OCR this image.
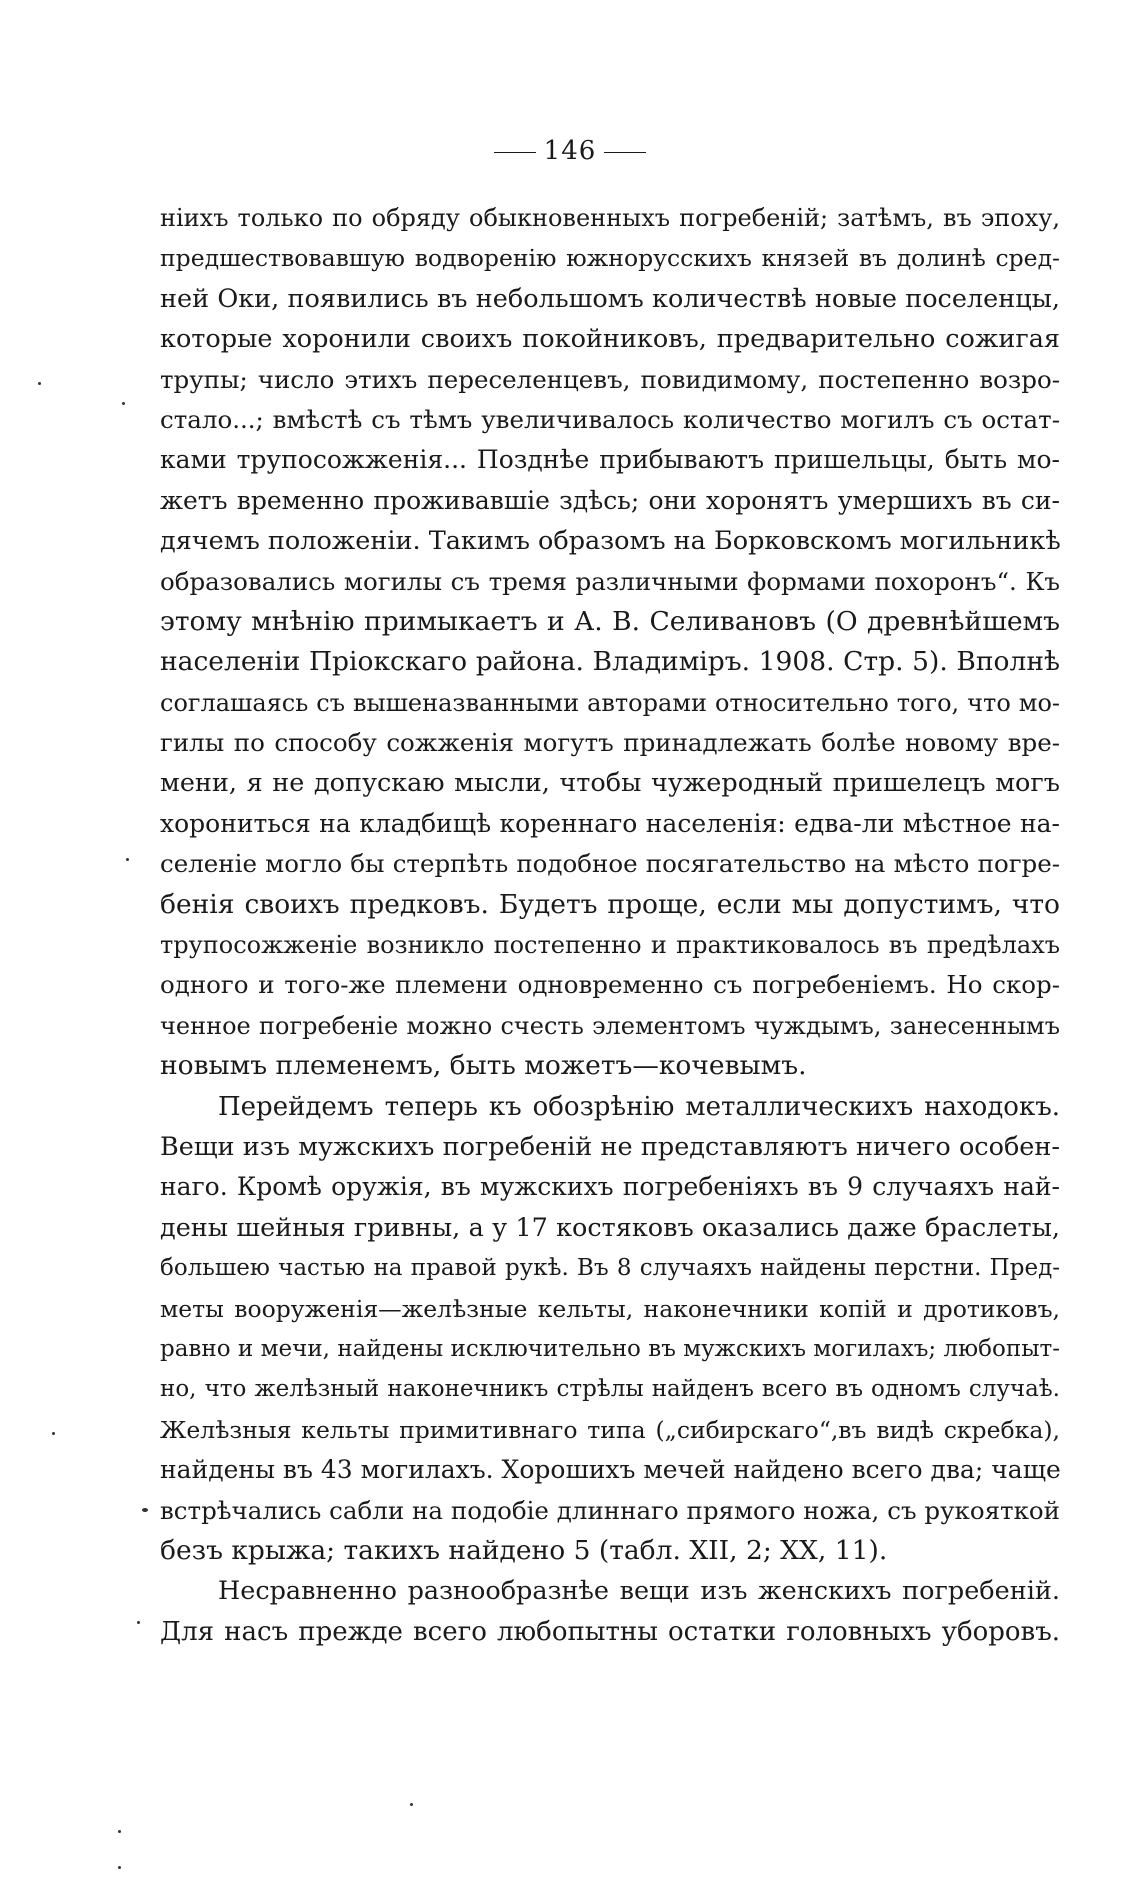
146
ніихъ только по обряду обыкновенныхъ погребеній; затѣмъ, въ эпоху,
предшествовавшую водворенію южнорусскихъ князей въ долинѣ сред-
ней Оки, появились въ небольшомъ количествѣ новые поселенцы,
которые хоронили своихъ покойниковъ, предварительно сожигая
трупы; число этихъ переселенцевъ, повидимому, постепенно возро-
стало...; вмѣстѣ съ тѣмъ увеличивалось количество могилъ съ остат-
ками трупосожженія... Позднѣе прибываютъ пришельцы, быть мо-
жетъ временно проживавшіе здѣсь; они хоронятъ умершихъ въ си-
дячемъ положеніи. Такимъ образомъ на Борковскомъ могильникѣ
образовались могилы съ тремя различными формами похоронъ“. Къ
этому мнѣнію примыкаетъ и А. В. Селивановъ (О древнѣйшемъ
населеніи Пріокскаго района. Владиміръ. 1908. Стр. 5). Вполнѣ
соглашаясь съ вышеназванными авторами относительно того, что мо-
гилы по способу сожженія могутъ принадлежать болѣе новому вре-
мени, я не допускаю мысли, чтобы чужеродный пришелецъ могъ
хорониться на кладбищѣ кореннаго населенія: едва-ли мѣстное на-
селеніе могло бы стерпѣть подобное посягательство на мѣсто погре-
бенія своихъ предковъ. Будетъ проще, если мы допустимъ, что
трупосожженіе возникло постепенно и практиковалось въ предѣлахъ
одного и того-же племени одновременно съ погребеніемъ. Но скор-
ченное погребеніе можно счесть элементомъ чуждымъ, занесеннымъ
новымъ племенемъ, быть можетъ—кочевымъ.
Перейдемъ теперь къ обозрѣнію металлическихъ находокъ.
Вещи изъ мужскихъ погребеній не представляютъ ничего особен-
наго. Кромѣ оружія, въ мужскихъ погребеніяхъ въ 9 случаяхъ най-
дены шейныя гривны, а у 17 костяковъ оказались даже браслеты,
большею частью на правой рукѣ. Въ 8 случаяхъ найдены перстни. Пред-
меты вооруженія—желѣзные кельты, наконечники копій и дротиковъ,
равно и мечи, найдены исключительно въ мужскихъ могилахъ; любопыт-
но, что желѣзный наконечникъ стрѣлы найденъ всего въ одномъ случаѣ.
Желѣзныя кельты примитивнаго типа („сибирскаго“,въ видѣ скребка),
найдены въ 43 могилахъ. Хорошихъ мечей найдено всего два; чаще
встрѣчались сабли на подобіе длиннаго прямого ножа, съ рукояткой
безъ крыжа; такихъ найдено 5 (табл. XII, 2; XX, 11).
Несравненно разнообразнѣе вещи изъ женскихъ погребеній.
Для насъ прежде всего любопытны остатки головныхъ уборовъ.
